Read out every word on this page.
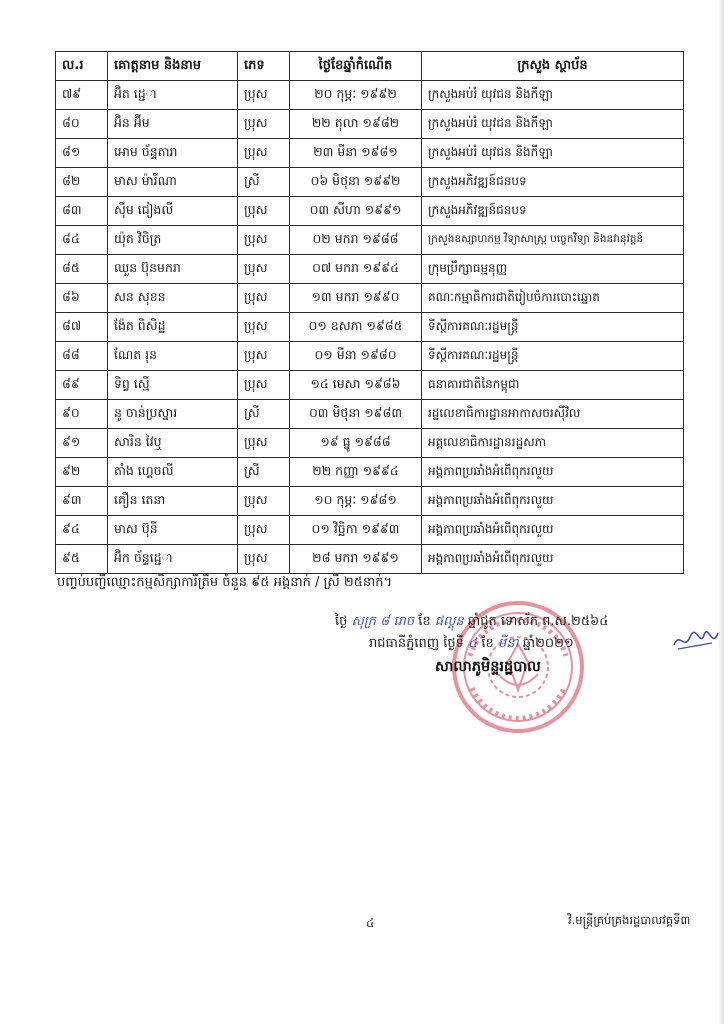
ល.រ	គោត្តនាម និងនាម	ភេទ	ថ្ងៃខែឆ្នាំកំណើត	ក្រសួង ស្ថាប័ន
៧៩	អ៊ិត ដេ្ជា	ប្រុស	២០ កុម្ភៈ ១៩៩២	ក្រសួងអប់រំ យុវជន និងកីឡា
៨០	អ៊ិន អ៊ីម	ប្រុស	២២ តុលា ១៩៨២	ក្រសួងអប់រំ យុវជន និងកីឡា
៨១	អោម ច័ន្ទតារា	ប្រុស	២៣ មីនា ១៩៨១	ក្រសួងអប់រំ យុវជន និងកីឡា
៨២	មាស ម៉ារីណា	ស្រី	០៦ មិថុនា ១៩៩២	ក្រសួងអភិវឌ្ឍន៍ជនបទ
៨៣	ស៊ឹម ជៀងលី	ប្រុស	០៣ សីហា ១៩៩១	ក្រសួងអភិវឌ្ឍន៍ជនបទ
៨៤	យ៉ុត វិចិត្រ	ប្រុស	០២ មករា ១៩៨៨	ក្រសួងឧស្សាហកម្ម វិទ្យាសាស្ត្រ បច្ចេកវិទ្យា និងនវានុវត្តន៍
៨៥	ឈួន ប៊ុនមករា	ប្រុស	០៧ មករា ១៩៩៤	ក្រុមប្រឹក្សាធម្មនុញ្ញ
៨៦	សន សុខន	ប្រុស	១៣ មករា ១៩៩០	គណៈកម្មាធិការជាតិរៀបចំការបោះឆ្នោត
៨៧	ង៉ែត ពិសិដ្ឋ	ប្រុស	០១ ឧសភា ១៩៨៥	ទីស្តីការគណៈរដ្ឋមន្ត្រី
៨៨	ណែត រុន	ប្រុស	០១ មីនា ១៩៨០	ទីស្តីការគណៈរដ្ឋមន្ត្រី
៨៩	ទិព្វ ស្មើ	ប្រុស	១៤ មេសា ១៩៨៦	ធនាគារជាតិនៃកម្ពុជា
៩០	នូ ចាន់ប្រស្នារ	ស្រី	០៣ មិថុនា ១៩៨៣	រដ្ឋលេខាធិការដ្ឋានអាកាសចរស៊ីវិល
៩១	សារិន វៃឬ	ប្រុស	១៩ ធ្នូ ១៩៨៨	អគ្គលេខាធិការដ្ឋានរដ្ឋសភា
៩២	តាំង ហ្គេចលី	ស្រី	២២ កញ្ញា ១៩៩៤	អង្គភាពប្រឆាំងអំពើពុករលួយ
៩៣	គឿន តេនា	ប្រុស	១០ កុម្ភៈ ១៩៨១	អង្គភាពប្រឆាំងអំពើពុករលួយ
៩៤	មាស ប៊ុនី	ប្រុស	០១ វិច្ឆិកា ១៩៩៣	អង្គភាពប្រឆាំងអំពើពុករលួយ
៩៥	អ៊ិក ច័ន្ទដេ្ជា	ប្រុស	២៨ មករា ១៩៩១	អង្គភាពប្រឆាំងអំពើពុករលួយ
បញ្ចប់បញ្ជីឈ្មោះកម្មសិក្សាការីត្រឹម ចំនួន ៩៥ អង្គនាក់ / ស្រី ២៥នាក់។
ថ្ងៃ សុក្រ ៨ រោច ខែ ផល្គុន ឆ្នាំជូត ទោស័ក ព.ស.២៥៦៤
រាជធានីភ្នំពេញ ថ្ងៃទី ៤ ខែ មីនា ឆ្នាំ២០២១
សាលាភូមិន្ទរដ្ឋបាល
៤	វិ.មន្ត្រីគ្រប់គ្រងរដ្ឋបាលវគ្គទី៣
